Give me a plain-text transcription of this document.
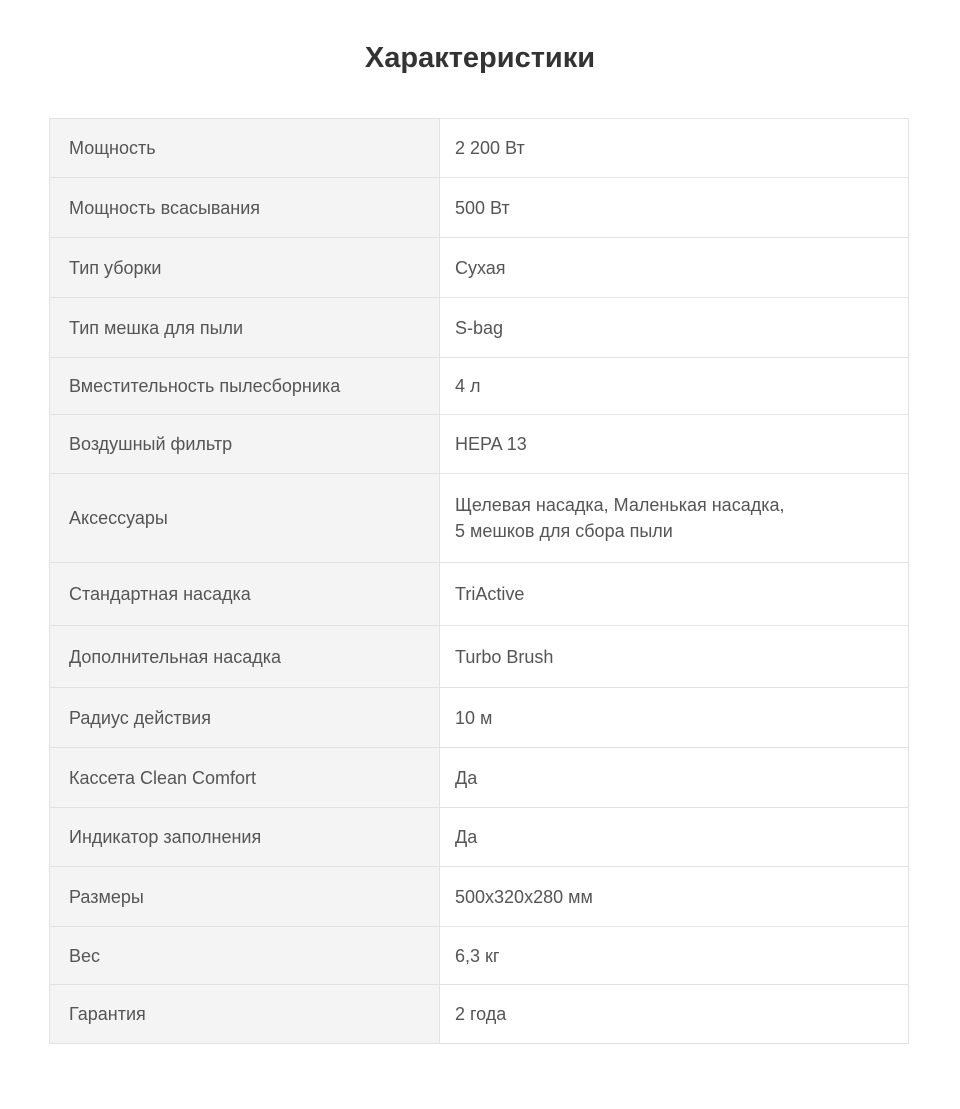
Характеристики
Мощность	2 200 Вт

Мощность всасывания	500 Вт

Тип уборки	Сухая

Тип мешка для пыли	S-bag

Вместительность пылесборника	4 л

Воздушный фильтр	HEPA 13

Аксессуары	Щелевая насадка, Маленькая насадка,
5 мешков для сбора пыли

Стандартная насадка	TriActive

Дополнительная насадка	Turbo Brush

Радиус действия	10 м

Кассета Clean Comfort	Да

Индикатор заполнения	Да

Размеры	500x320x280 мм

Вес	6,3 кг

Гарантия	2 года
